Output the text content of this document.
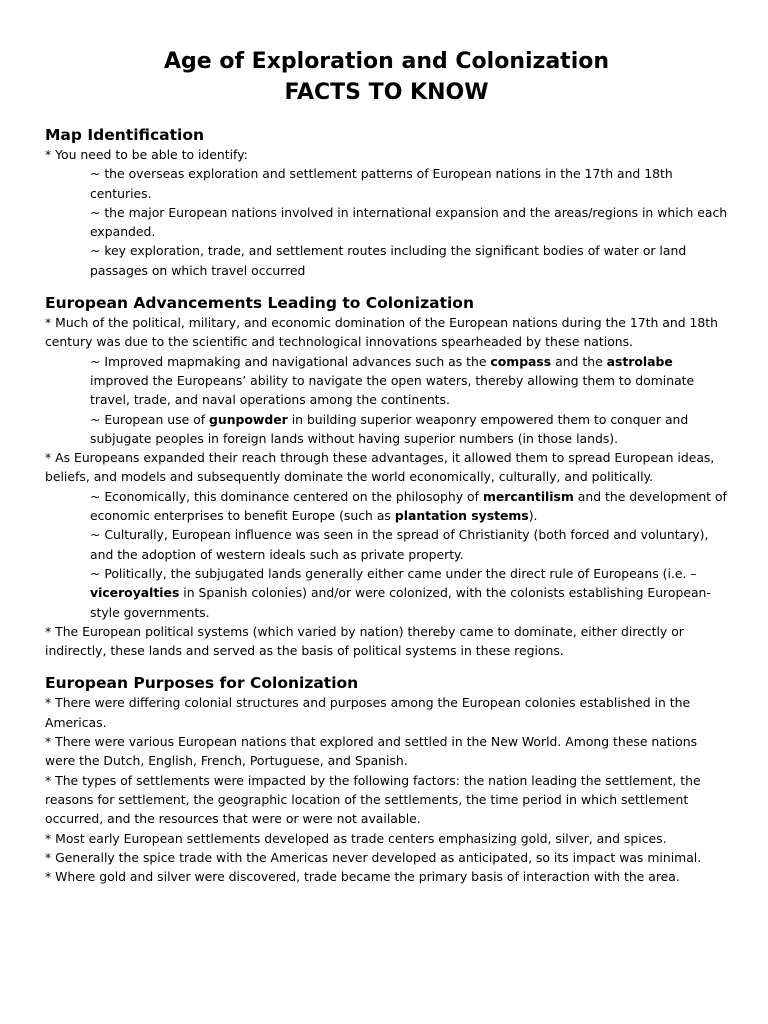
Age of Exploration and Colonization
FACTS TO KNOW
Map Identification

* You need to be able to identify:

~ the overseas exploration and settlement patterns of European nations in the 17th and 18th centuries.

~ the major European nations involved in international expansion and the areas/regions in which each expanded.

~ key exploration, trade, and settlement routes including the significant bodies of water or land passages on which travel occurred

European Advancements Leading to Colonization

* Much of the political, military, and economic domination of the European nations during the 17th and 18th century was due to the scientific and technological innovations spearheaded by these nations.

~ Improved mapmaking and navigational advances such as the compass and the astrolabe improved the Europeans’ ability to navigate the open waters, thereby allowing them to dominate travel, trade, and naval operations among the continents.

~ European use of gunpowder in building superior weaponry empowered them to conquer and subjugate peoples in foreign lands without having superior numbers (in those lands).

* As Europeans expanded their reach through these advantages, it allowed them to spread European ideas, beliefs, and models and subsequently dominate the world economically, culturally, and politically.

~ Economically, this dominance centered on the philosophy of mercantilism and the development of economic enterprises to benefit Europe (such as plantation systems).

~ Culturally, European influence was seen in the spread of Christianity (both forced and voluntary), and the adoption of western ideals such as private property.

~ Politically, the subjugated lands generally either came under the direct rule of Europeans (i.e. – viceroyalties in Spanish colonies) and/or were colonized, with the colonists establishing European-style governments.

* The European political systems (which varied by nation) thereby came to dominate, either directly or indirectly, these lands and served as the basis of political systems in these regions.

European Purposes for Colonization

* There were differing colonial structures and purposes among the European colonies established in the Americas.

* There were various European nations that explored and settled in the New World. Among these nations were the Dutch, English, French, Portuguese, and Spanish.

* The types of settlements were impacted by the following factors: the nation leading the settlement, the reasons for settlement, the geographic location of the settlements, the time period in which settlement occurred, and the resources that were or were not available.

* Most early European settlements developed as trade centers emphasizing gold, silver, and spices.

* Generally the spice trade with the Americas never developed as anticipated, so its impact was minimal.

* Where gold and silver were discovered, trade became the primary basis of interaction with the area.
